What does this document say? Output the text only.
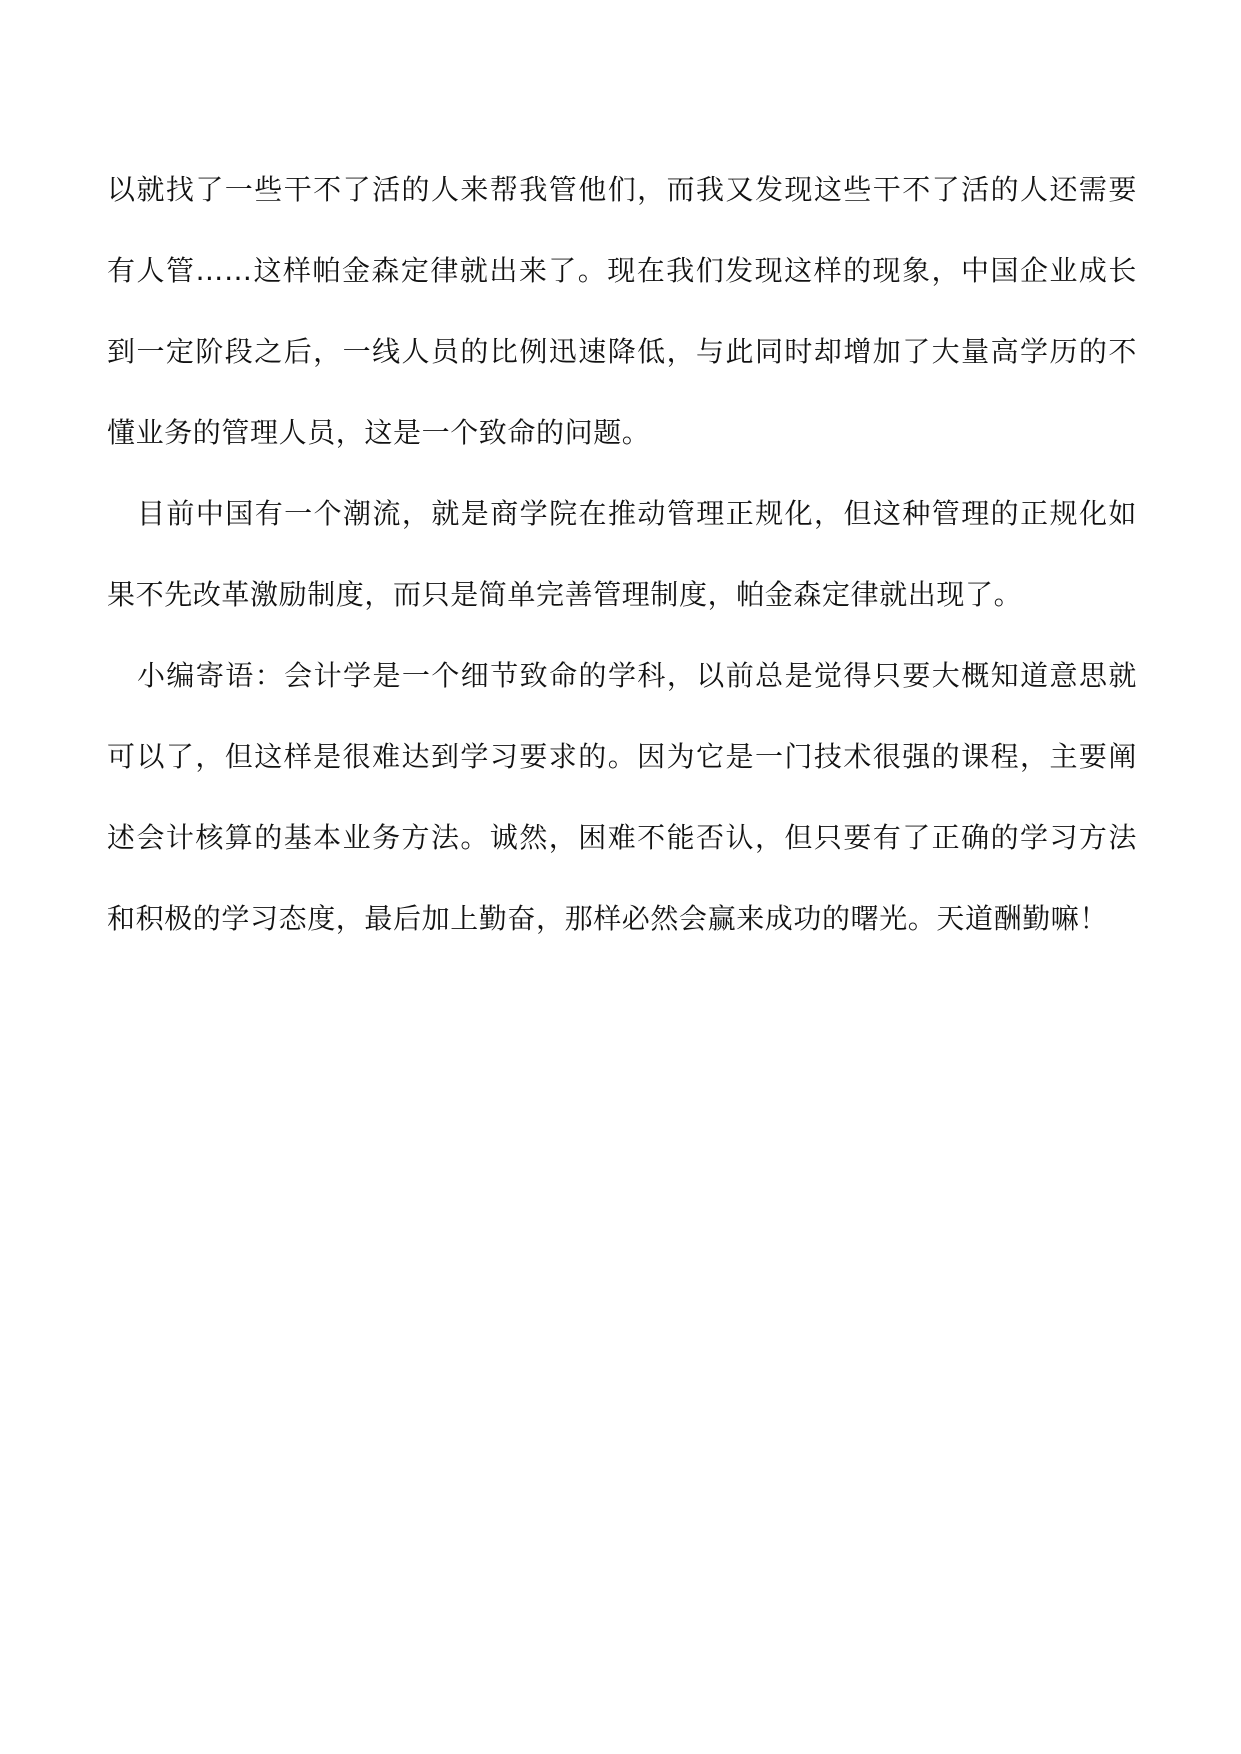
以就找了一些干不了活的人来帮我管他们，而我又发现这些干不了活的人还需要
有人管……这样帕金森定律就出来了。现在我们发现这样的现象，中国企业成长
到一定阶段之后，一线人员的比例迅速降低，与此同时却增加了大量高学历的不
懂业务的管理人员，这是一个致命的问题。
目前中国有一个潮流，就是商学院在推动管理正规化，但这种管理的正规化如
果不先改革激励制度，而只是简单完善管理制度，帕金森定律就出现了。
小编寄语：会计学是一个细节致命的学科，以前总是觉得只要大概知道意思就
可以了，但这样是很难达到学习要求的。因为它是一门技术很强的课程，主要阐
述会计核算的基本业务方法。诚然，困难不能否认，但只要有了正确的学习方法
和积极的学习态度，最后加上勤奋，那样必然会赢来成功的曙光。天道酬勤嘛！
